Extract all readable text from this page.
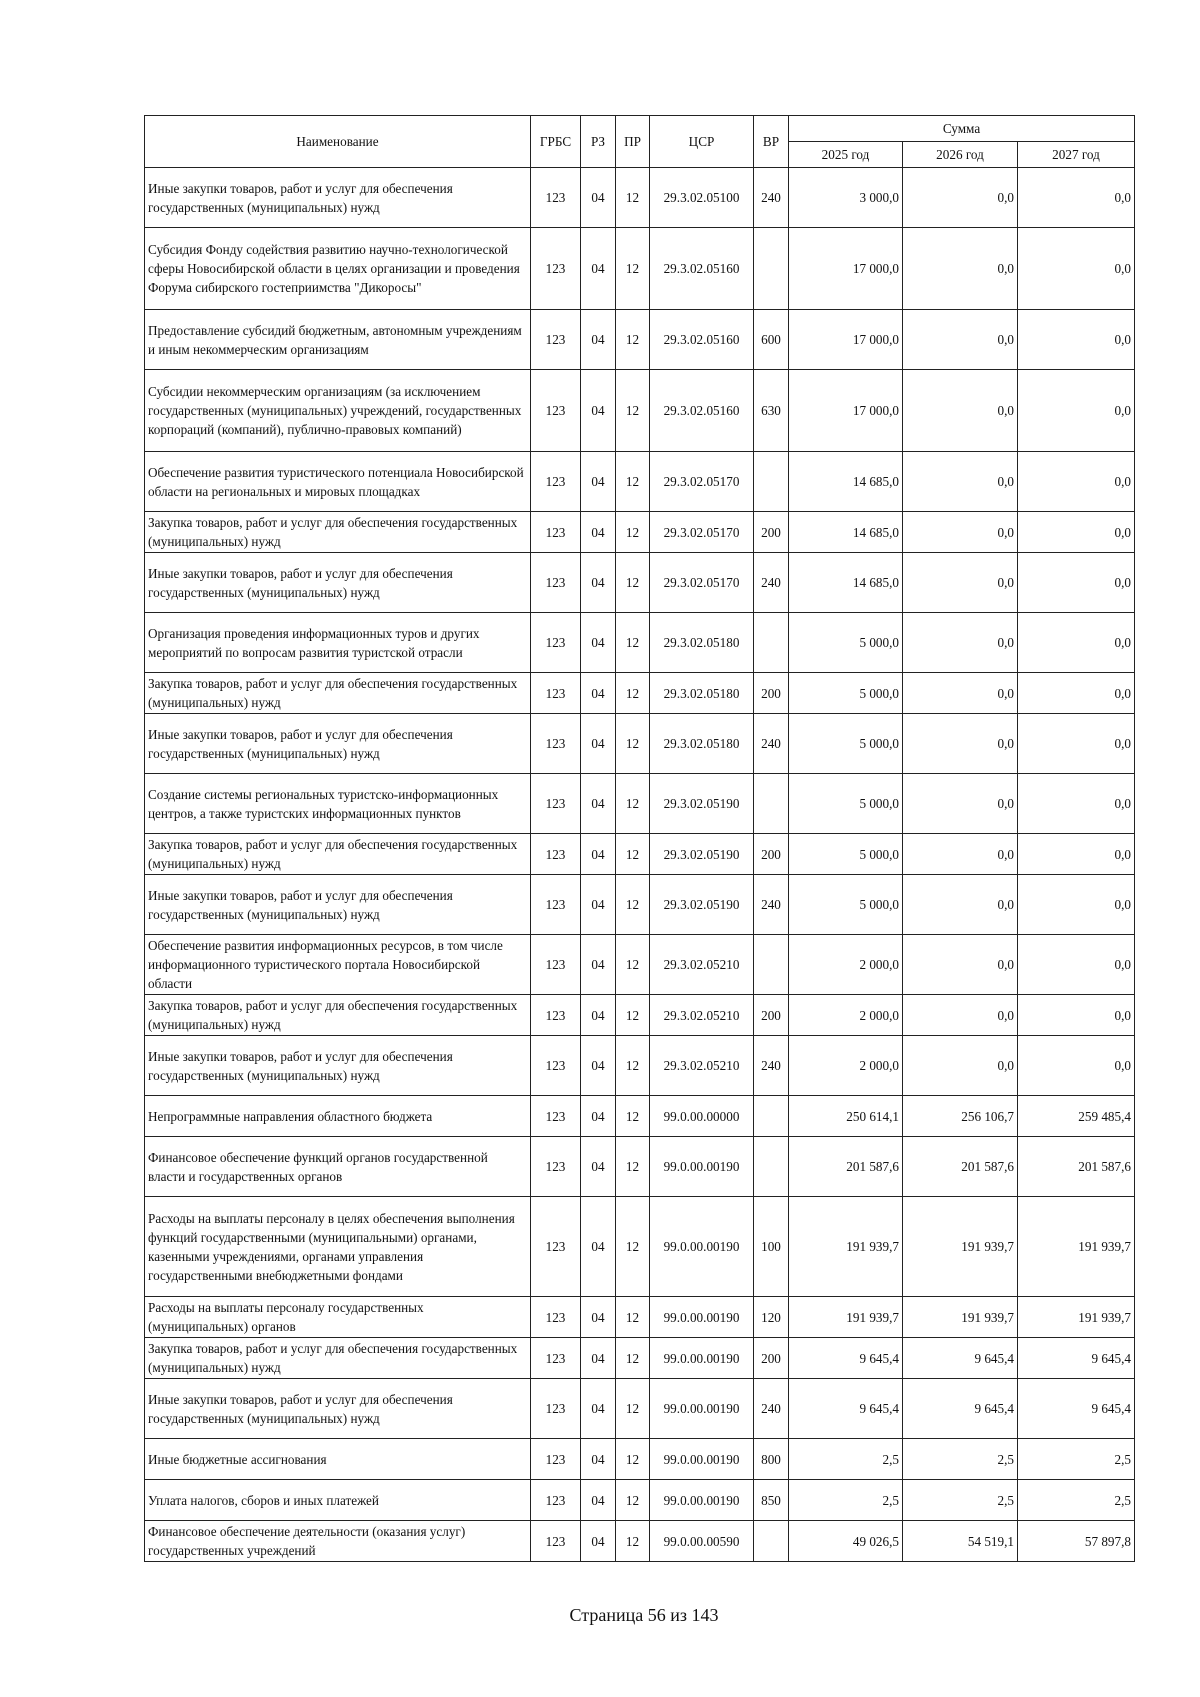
Наименование	ГРБС	РЗ	ПР	ЦСР	ВР	Сумма		
						2025 год	2026 год	2027 год
Иные закупки товаров, работ и услуг для обеспечения государственных (муниципальных) нужд	123	04	12	29.3.02.05100	240	3 000,0	0,0	0,0
Субсидия Фонду содействия развитию научно-технологической сферы Новосибирской области в целях организации и проведения Форума сибирского гостеприимства "Дикоросы"	123	04	12	29.3.02.05160		17 000,0	0,0	0,0
Предоставление субсидий бюджетным, автономным учреждениям и иным некоммерческим организациям	123	04	12	29.3.02.05160	600	17 000,0	0,0	0,0
Субсидии некоммерческим организациям (за исключением государственных (муниципальных) учреждений, государственных корпораций (компаний), публично-правовых компаний)	123	04	12	29.3.02.05160	630	17 000,0	0,0	0,0
Обеспечение развития туристического потенциала Новосибирской области на региональных и мировых площадках	123	04	12	29.3.02.05170		14 685,0	0,0	0,0
Закупка товаров, работ и услуг для обеспечения государственных (муниципальных) нужд	123	04	12	29.3.02.05170	200	14 685,0	0,0	0,0
Иные закупки товаров, работ и услуг для обеспечения государственных (муниципальных) нужд	123	04	12	29.3.02.05170	240	14 685,0	0,0	0,0
Организация проведения информационных туров и других мероприятий по вопросам развития туристской отрасли	123	04	12	29.3.02.05180		5 000,0	0,0	0,0
Закупка товаров, работ и услуг для обеспечения государственных (муниципальных) нужд	123	04	12	29.3.02.05180	200	5 000,0	0,0	0,0
Иные закупки товаров, работ и услуг для обеспечения государственных (муниципальных) нужд	123	04	12	29.3.02.05180	240	5 000,0	0,0	0,0
Создание системы региональных туристско-информационных центров, а также туристских информационных пунктов	123	04	12	29.3.02.05190		5 000,0	0,0	0,0
Закупка товаров, работ и услуг для обеспечения государственных (муниципальных) нужд	123	04	12	29.3.02.05190	200	5 000,0	0,0	0,0
Иные закупки товаров, работ и услуг для обеспечения государственных (муниципальных) нужд	123	04	12	29.3.02.05190	240	5 000,0	0,0	0,0
Обеспечение развития информационных ресурсов, в том числе информационного туристического портала Новосибирской области	123	04	12	29.3.02.05210		2 000,0	0,0	0,0
Закупка товаров, работ и услуг для обеспечения государственных (муниципальных) нужд	123	04	12	29.3.02.05210	200	2 000,0	0,0	0,0
Иные закупки товаров, работ и услуг для обеспечения государственных (муниципальных) нужд	123	04	12	29.3.02.05210	240	2 000,0	0,0	0,0
Непрограммные направления областного бюджета	123	04	12	99.0.00.00000		250 614,1	256 106,7	259 485,4
Финансовое обеспечение функций органов государственной власти и государственных органов	123	04	12	99.0.00.00190		201 587,6	201 587,6	201 587,6
Расходы на выплаты персоналу в целях обеспечения выполнения функций государственными (муниципальными) органами, казенными учреждениями, органами управления государственными внебюджетными фондами	123	04	12	99.0.00.00190	100	191 939,7	191 939,7	191 939,7
Расходы на выплаты персоналу государственных (муниципальных) органов	123	04	12	99.0.00.00190	120	191 939,7	191 939,7	191 939,7
Закупка товаров, работ и услуг для обеспечения государственных (муниципальных) нужд	123	04	12	99.0.00.00190	200	9 645,4	9 645,4	9 645,4
Иные закупки товаров, работ и услуг для обеспечения государственных (муниципальных) нужд	123	04	12	99.0.00.00190	240	9 645,4	9 645,4	9 645,4
Иные бюджетные ассигнования	123	04	12	99.0.00.00190	800	2,5	2,5	2,5
Уплата налогов, сборов и иных платежей	123	04	12	99.0.00.00190	850	2,5	2,5	2,5
Финансовое обеспечение деятельности (оказания услуг) государственных учреждений	123	04	12	99.0.00.00590		49 026,5	54 519,1	57 897,8
Страница 56 из 143
